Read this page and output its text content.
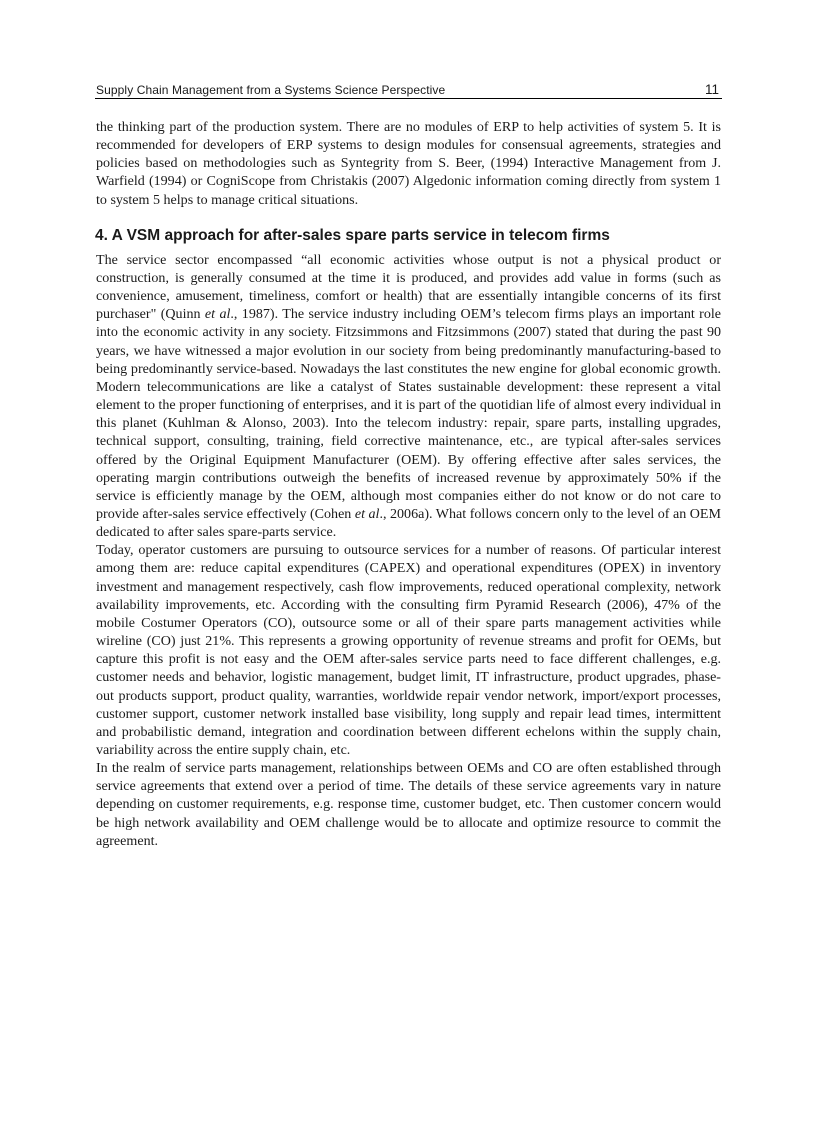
Supply Chain Management from a Systems Science Perspective	11

the thinking part of the production system. There are no modules of ERP to help activities of system 5. It is recommended for developers of ERP systems to design modules for consensual agreements, strategies and policies based on methodologies such as Syntegrity from S. Beer, (1994) Interactive Management from J. Warfield (1994) or CogniScope from Christakis (2007) Algedonic information coming directly from system 1 to system 5 helps to manage critical situations.

4. A VSM approach for after-sales spare parts service in telecom firms

The service sector encompassed “all economic activities whose output is not a physical product or construction, is generally consumed at the time it is produced, and provides add value in forms (such as convenience, amusement, timeliness, comfort or health) that are essentially intangible concerns of its first purchaser" (Quinn et al., 1987). The service industry including OEM’s telecom firms plays an important role into the economic activity in any society. Fitzsimmons and Fitzsimmons (2007) stated that during the past 90 years, we have witnessed a major evolution in our society from being predominantly manufacturing-based to being predominantly service-based. Nowadays the last constitutes the new engine for global economic growth. Modern telecommunications are like a catalyst of States sustainable development: these represent a vital element to the proper functioning of enterprises, and it is part of the quotidian life of almost every individual in this planet (Kuhlman & Alonso, 2003). Into the telecom industry: repair, spare parts, installing upgrades, technical support, consulting, training, field corrective maintenance, etc., are typical after-sales services offered by the Original Equipment Manufacturer (OEM). By offering effective after sales services, the operating margin contributions outweigh the benefits of increased revenue by approximately 50% if the service is efficiently manage by the OEM, although most companies either do not know or do not care to provide after-sales service effectively (Cohen et al., 2006a). What follows concern only to the level of an OEM dedicated to after sales spare-parts service.

Today, operator customers are pursuing to outsource services for a number of reasons. Of particular interest among them are: reduce capital expenditures (CAPEX) and operational expenditures (OPEX) in inventory investment and management respectively, cash flow improvements, reduced operational complexity, network availability improvements, etc. According with the consulting firm Pyramid Research (2006), 47% of the mobile Costumer Operators (CO), outsource some or all of their spare parts management activities while wireline (CO) just 21%. This represents a growing opportunity of revenue streams and profit for OEMs, but capture this profit is not easy and the OEM after-sales service parts need to face different challenges, e.g. customer needs and behavior, logistic management, budget limit, IT infrastructure, product upgrades, phase-out products support, product quality, warranties, worldwide repair vendor network, import/export processes, customer support, customer network installed base visibility, long supply and repair lead times, intermittent and probabilistic demand, integration and coordination between different echelons within the supply chain, variability across the entire supply chain, etc.

In the realm of service parts management, relationships between OEMs and CO are often established through service agreements that extend over a period of time. The details of these service agreements vary in nature depending on customer requirements, e.g. response time, customer budget, etc. Then customer concern would be high network availability and OEM challenge would be to allocate and optimize resource to commit the agreement.
